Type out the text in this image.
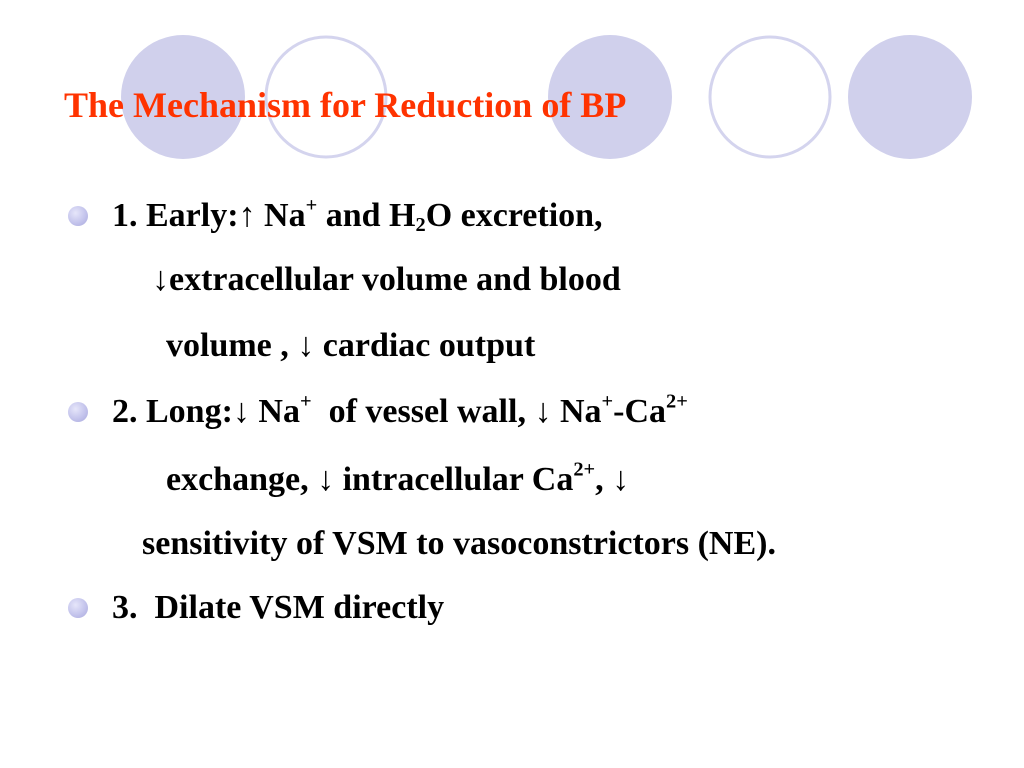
The Mechanism for Reduction of BP
1. Early:↑ Na+ and $H_2O$ excretion,
↓extracellular volume and blood
volume , ↓ cardiac output
2. Long:↓ Na+  of vessel wall, ↓ $Na^+-Ca^{2+}$
exchange, ↓ intracellular $Ca^{2+}$, ↓
sensitivity of VSM to vasoconstrictors (NE).
3.  Dilate VSM directly
